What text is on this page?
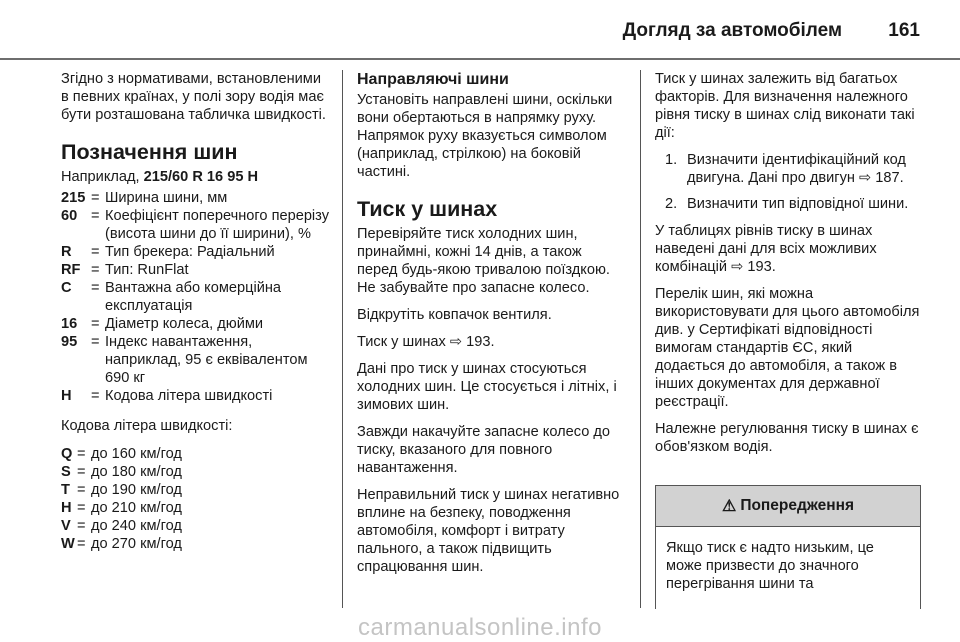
Догляд за автомобілем 161

Згідно з нормативами, встановленими в певних країнах, у полі зору водія має бути розташована табличка швидкості.

Позначення шин

Наприклад, 215/60 R 16 95 H

215	=	Ширина шини, мм
60	=	Коефіцієнт поперечного перерізу (висота шини до її ширини), %
R	=	Тип брекера: Радіальний
RF	=	Тип: RunFlat
C	=	Вантажна або комерційна експлуатація
16	=	Діаметр колеса, дюйми
95	=	Індекс навантаження, наприклад, 95 є еквівалентом 690 кг
H	=	Кодова літера швидкості

Кодова літера швидкості:

Q	=	до 160 км/год
S	=	до 180 км/год
T	=	до 190 км/год
H	=	до 210 км/год
V	=	до 240 км/год
W	=	до 270 км/год
Направляючі шини

Установіть направлені шини, оскільки вони обертаються в напрямку руху. Напрямок руху вказується символом (наприклад, стрілкою) на боковій частині.

Тиск у шинах

Перевіряйте тиск холодних шин, принаймні, кожні 14 днів, а також перед будь-якою тривалою поїздкою. Не забувайте про запасне колесо.

Відкрутіть ковпачок вентиля.

Тиск у шинах ⇨ 193.

Дані про тиск у шинах стосуються холодних шин. Це стосується і літніх, і зимових шин.

Завжди накачуйте запасне колесо до тиску, вказаного для повного навантаження.

Неправильний тиск у шинах негативно вплине на безпеку, поводження автомобіля, комфорт і витрату пального, а також підвищить спрацювання шин.

Тиск у шинах залежить від багатьох факторів. Для визначення належного рівня тиску в шинах слід виконати такі дії:

1. Визначити ідентифікаційний код двигуна. Дані про двигун ⇨ 187.
2. Визначити тип відповідної шини.

У таблицях рівнів тиску в шинах наведені дані для всіх можливих комбінацій ⇨ 193.

Перелік шин, які можна використовувати для цього автомобіля див. у Сертифікаті відповідності вимогам стандартів ЄС, який додається до автомобіля, а також в інших документах для державної реєстрації.

Належне регулювання тиску в шинах є обов'язком водія.

⚠ Попередження
Якщо тиск є надто низьким, це може призвести до значного перегрівання шини та
carmanualsonline.info
